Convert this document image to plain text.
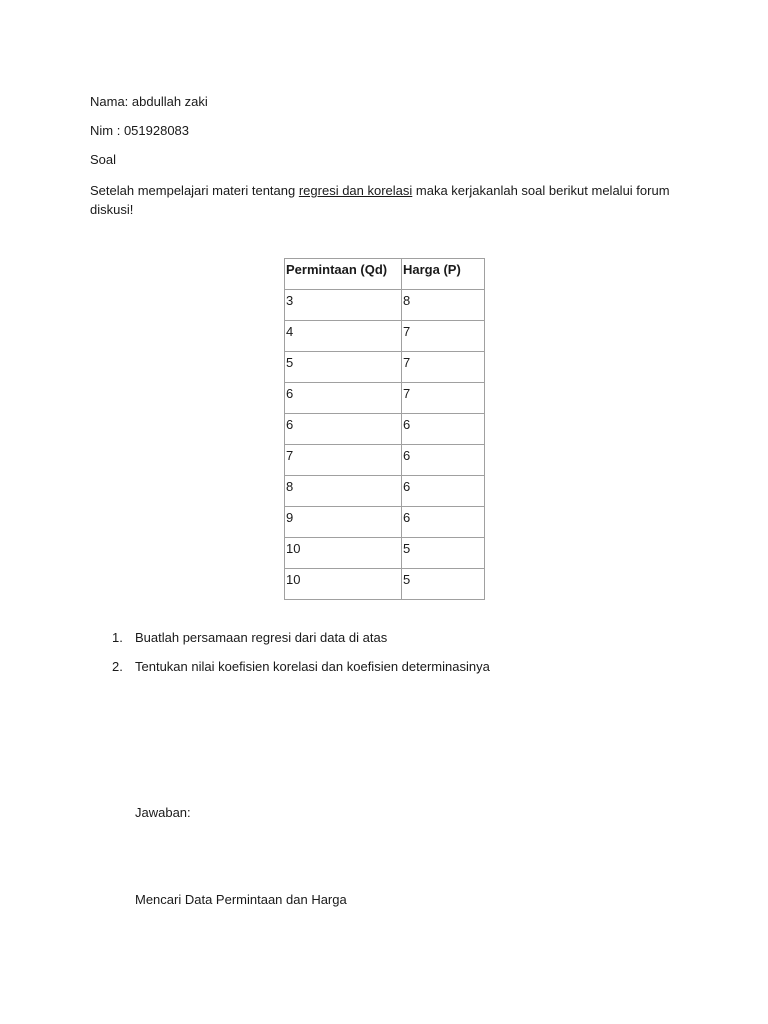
Nama: abdullah zaki
Nim : 051928083
Soal
Setelah mempelajari materi tentang regresi dan korelasi maka kerjakanlah soal berikut melalui forum diskusi!
Permintaan (Qd)	Harga (P)
3	8
4	7
5	7
6	7
6	6
7	6
8	6
9	6
10	5
10	5
1. Buatlah persamaan regresi dari data di atas
2. Tentukan nilai koefisien korelasi dan koefisien determinasinya
Jawaban:
Mencari Data Permintaan dan Harga
